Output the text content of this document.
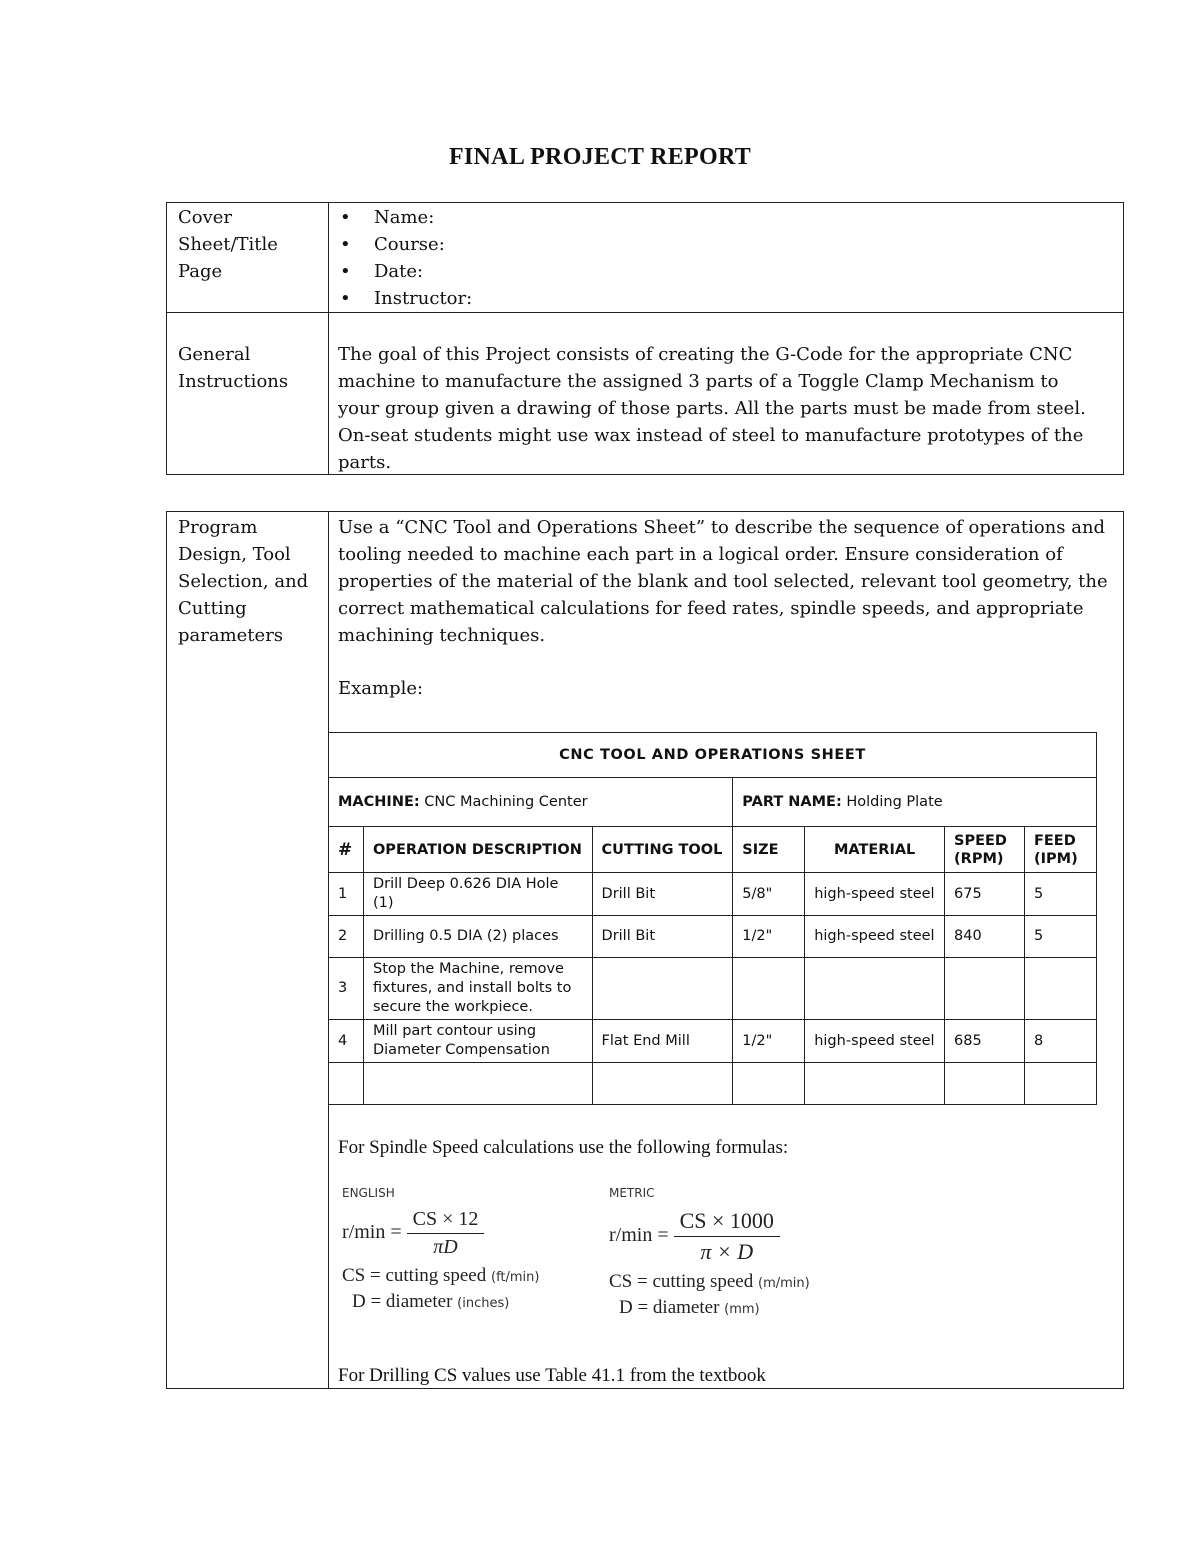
FINAL PROJECT REPORT
Cover Sheet/Title Page
• Name:
• Course:
• Date:
• Instructor:
General Instructions
The goal of this Project consists of creating the G-Code for the appropriate CNC machine to manufacture the assigned 3 parts of a Toggle Clamp Mechanism to your group given a drawing of those parts. All the parts must be made from steel. On-seat students might use wax instead of steel to manufacture prototypes of the parts.
Program Design, Tool Selection, and Cutting parameters
Use a “CNC Tool and Operations Sheet” to describe the sequence of operations and tooling needed to machine each part in a logical order. Ensure consideration of properties of the material of the blank and tool selected, relevant tool geometry, the correct mathematical calculations for feed rates, spindle speeds, and appropriate machining techniques.
Example:
CNC TOOL AND OPERATIONS SHEET						
MACHINE: CNC Machining Center			PART NAME: Holding Plate			
#	OPERATION DESCRIPTION	CUTTING TOOL	SIZE	MATERIAL	SPEED (RPM)	FEED (IPM)
1	Drill Deep 0.626 DIA Hole (1)	Drill Bit	5/8"	high-speed steel	675	5
2	Drilling 0.5 DIA (2) places	Drill Bit	1/2"	high-speed steel	840	5
3	Stop the Machine, remove fixtures, and install bolts to secure the workpiece.					
4	Mill part contour using Diameter Compensation	Flat End Mill	1/2"	high-speed steel	685	8

For Spindle Speed calculations use the following formulas:
ENGLISH
$r/\min = \frac{CS \times 12}{\pi D}$
CS = cutting speed (ft/min)
D = diameter (inches)
METRIC
$r/\min = \frac{CS \times 1000}{\pi \times D}$
CS = cutting speed (m/min)
D = diameter (mm)
For Drilling CS values use Table 41.1 from the textbook
